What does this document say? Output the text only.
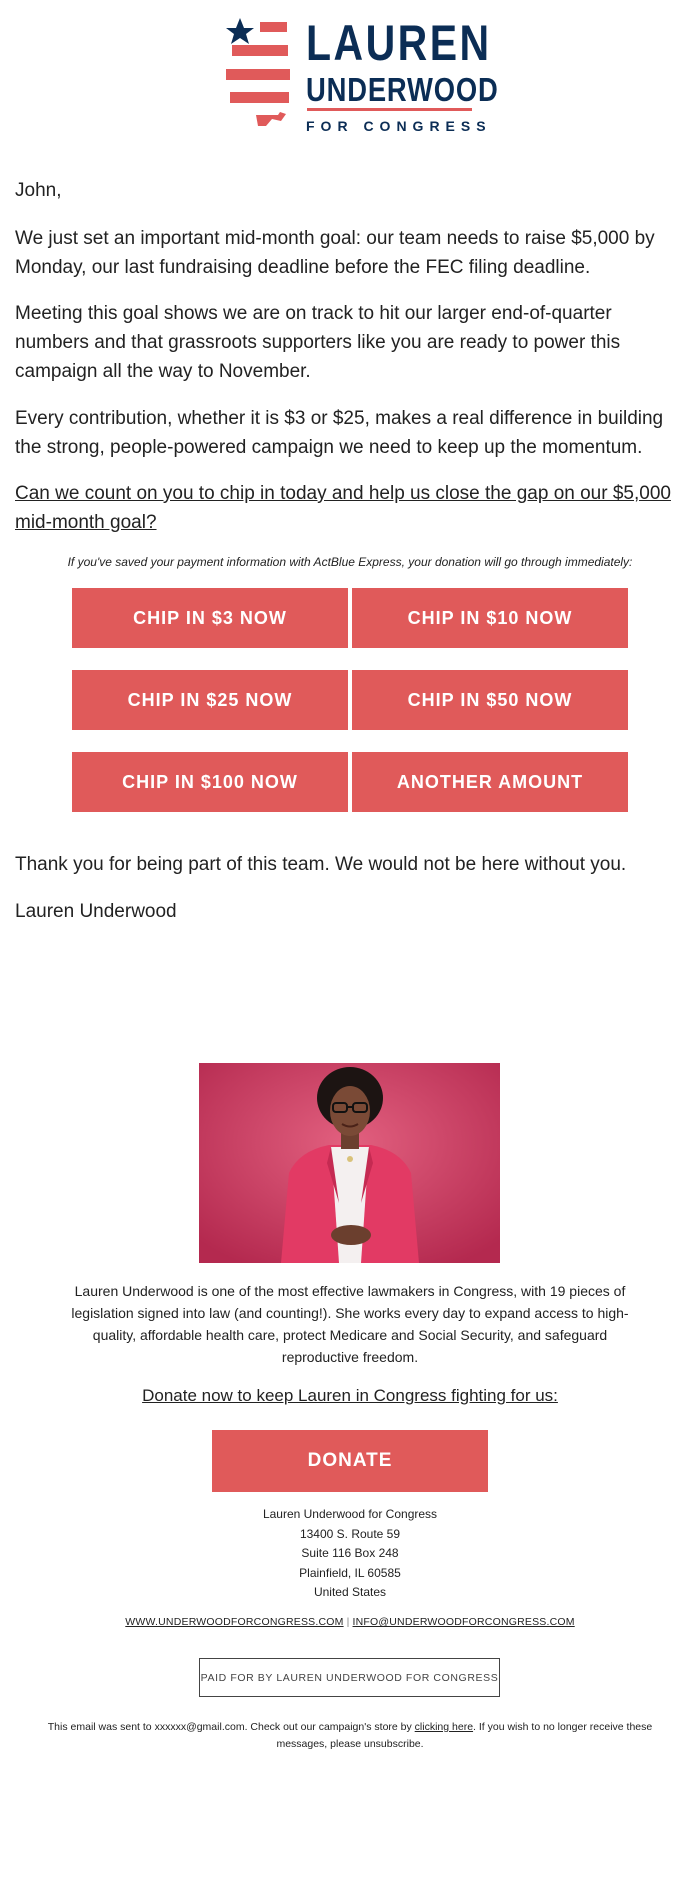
LAUREN
UNDERWOOD
FOR CONGRESS

John,

We just set an important mid-month goal: our team needs to raise $5,000 by Monday, our last fundraising deadline before the FEC filing deadline.

Meeting this goal shows we are on track to hit our larger end-of-quarter numbers and that grassroots supporters like you are ready to power this campaign all the way to November.

Every contribution, whether it is $3 or $25, makes a real difference in building the strong, people-powered campaign we need to keep up the momentum.

Can we count on you to chip in today and help us close the gap on our $5,000 mid-month goal?

If you've saved your payment information with ActBlue Express, your donation will go through immediately:
CHIP IN $3 NOW	CHIP IN $10 NOW
CHIP IN $25 NOW	CHIP IN $50 NOW
CHIP IN $100 NOW	ANOTHER AMOUNT

Thank you for being part of this team. We would not be here without you.

Lauren Underwood
Lauren Underwood is one of the most effective lawmakers in Congress, with 19 pieces of legislation signed into law (and counting!). She works every day to expand access to high-quality, affordable health care, protect Medicare and Social Security, and safeguard reproductive freedom.
Donate now to keep Lauren in Congress fighting for us:
DONATE
Lauren Underwood for Congress
13400 S. Route 59
Suite 116 Box 248
Plainfield, IL 60585
United States
WWW.UNDERWOODFORCONGRESS.COM | INFO@UNDERWOODFORCONGRESS.COM
PAID FOR BY LAUREN UNDERWOOD FOR CONGRESS
This email was sent to xxxxxx@gmail.com. Check out our campaign's store by clicking here. If you wish to no longer receive these messages, please unsubscribe.
